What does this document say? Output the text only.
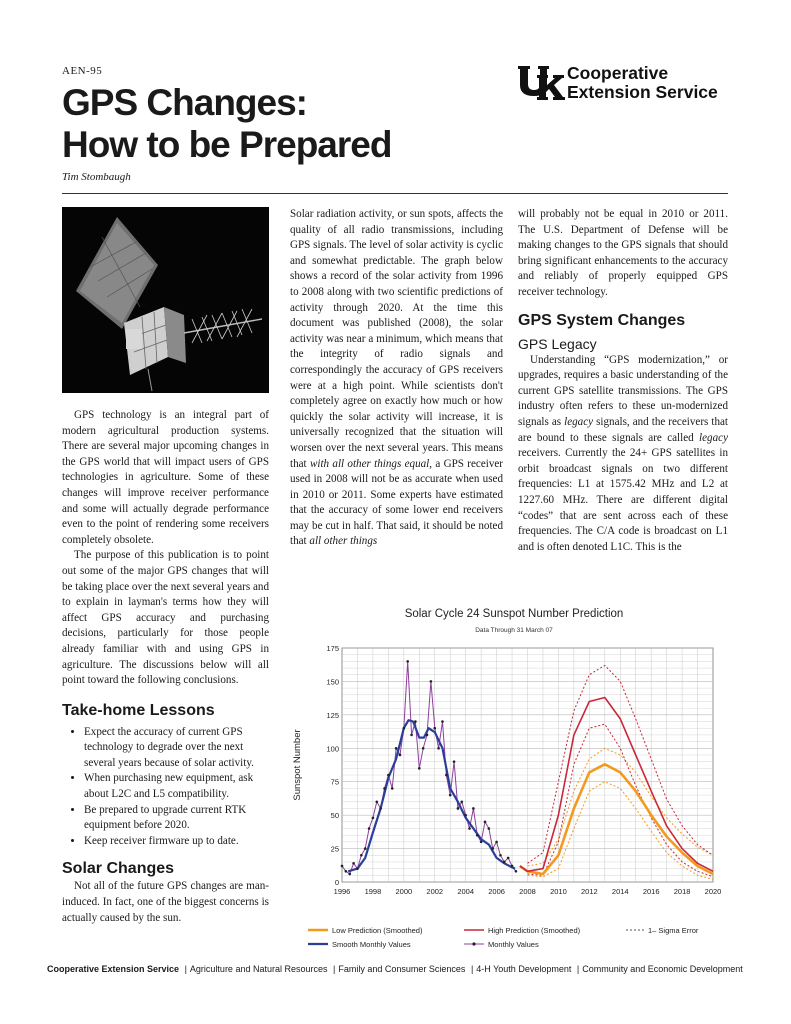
AEN-95
GPS Changes:
How to be Prepared
Tim Stombaugh
Cooperative
Extension Service

GPS technology is an integral part of modern agricultural production systems. There are several major upcoming changes in the GPS world that will impact users of GPS technologies in agriculture. Some of these changes will improve receiver performance and some will actually degrade performance even to the point of rendering some receivers completely obsolete.

The purpose of this publication is to point out some of the major GPS changes that will be taking place over the next several years and to explain in layman's terms how they will affect GPS accuracy and purchasing decisions, particularly for those people already familiar with and using GPS in agriculture. The discussions below will all point toward the following conclusions.

Take-home Lessons
• Expect the accuracy of current GPS technology to degrade over the next several years because of solar activity.
• When purchasing new equipment, ask about L2C and L5 compatibility.
• Be prepared to upgrade current RTK equipment before 2020.
• Keep receiver firmware up to date.
Solar Changes

Not all of the future GPS changes are man-induced. In fact, one of the biggest concerns is actually caused by the sun.

Solar radiation activity, or sun spots, affects the quality of all radio transmissions, including GPS signals. The level of solar activity is cyclic and somewhat predictable. The graph below shows a record of the solar activity from 1996 to 2008 along with two scientific predictions of activity through 2020. At the time this document was published (2008), the solar activity was near a minimum, which means that the integrity of radio signals and correspondingly the accuracy of GPS receivers were at a high point. While scientists don't completely agree on exactly how much or how quickly the solar activity will increase, it is universally recognized that the situation will worsen over the next several years. This means that with all other things equal, a GPS receiver used in 2008 will not be as accurate when used in 2010 or 2011. Some experts have estimated that the accuracy of some lower end receivers may be cut in half. That said, it should be noted that all other things

will probably not be equal in 2010 or 2011. The U.S. Department of Defense will be making changes to the GPS signals that should bring significant enhancements to the accuracy and reliably of properly equipped GPS receiver technology.

GPS System Changes
GPS Legacy

Understanding “GPS modernization,” or upgrades, requires a basic understanding of the current GPS satellite transmissions. The GPS industry often refers to these un-modernized signals as legacy signals, and the receivers that are bound to these signals are called legacy receivers. Currently the 24+ GPS satellites in orbit broadcast signals on two different frequencies: L1 at 1575.42 MHz and L2 at 1227.60 MHz. There are different digital “codes” that are sent across each of these frequencies. The C/A code is broadcast on L1 and is often denoted L1C. This is the

Solar Cycle 24 Sunspot Number Prediction
Data Through 31 March 07
1996 1998 2000 2002 2004 2006 2008 2010 2012 2014 2016 2018 2020
0
25
50
75
100
125
150
175
Sunspot Number
Low Prediction (Smoothed)	High Prediction (Smoothed)	1– Sigma Error
Smooth Monthly Values	Monthly Values
Cooperative Extension Service | Agriculture and Natural Resources | Family and Consumer Sciences | 4-H Youth Development | Community and Economic Development
